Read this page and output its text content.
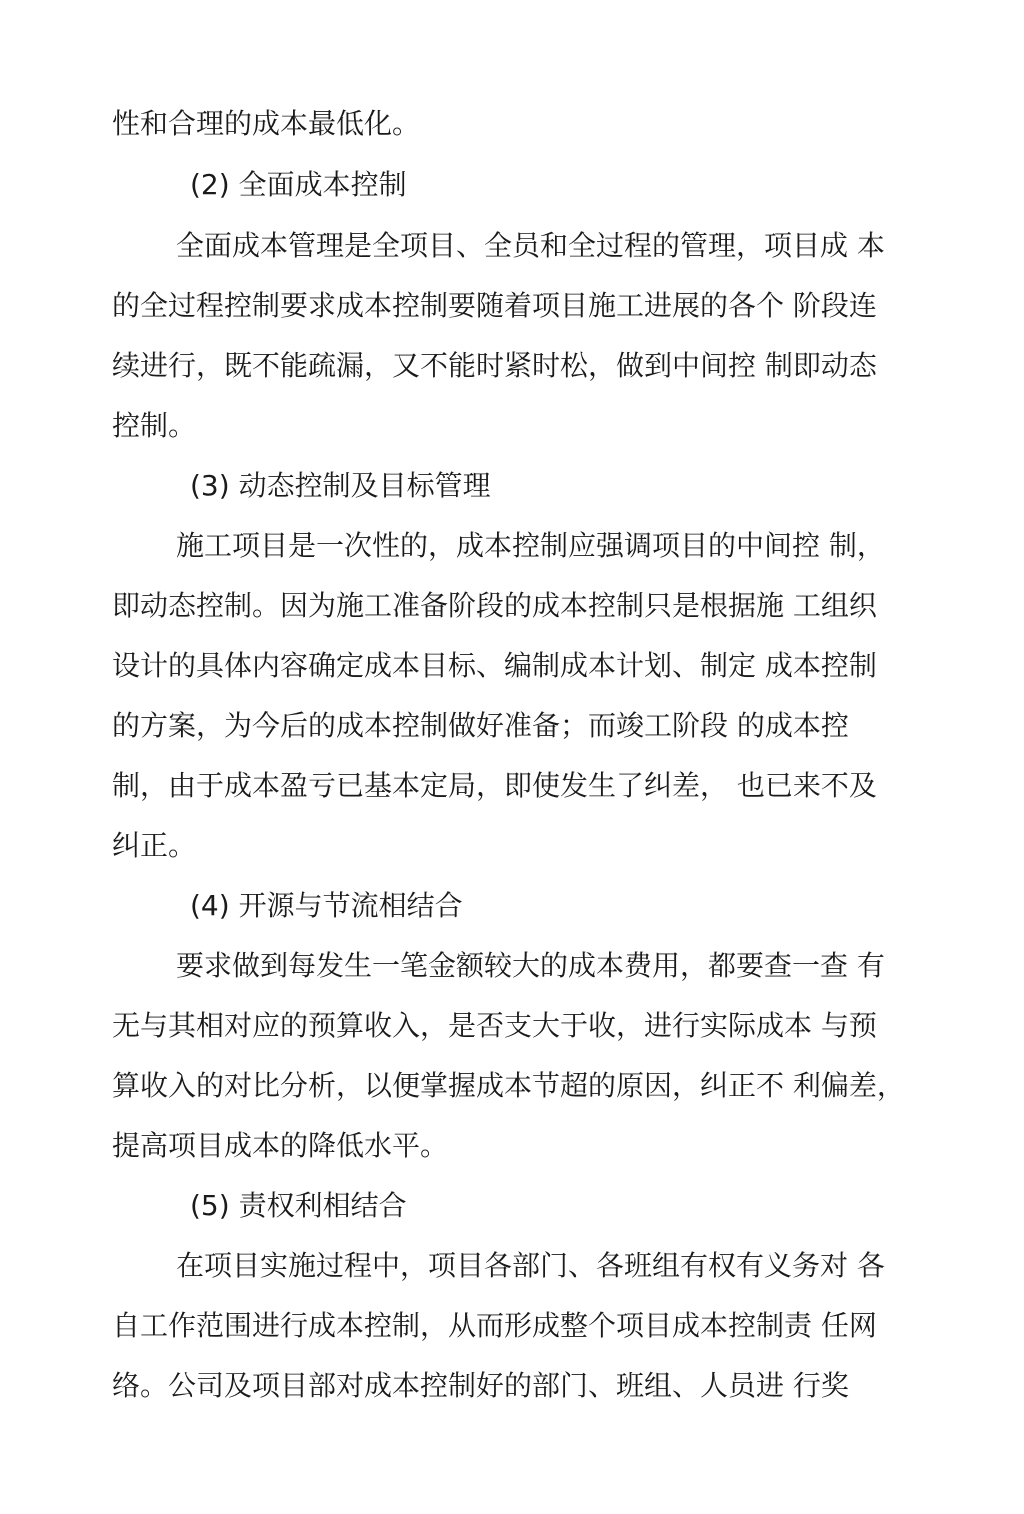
性和合理的成本最低化。
(2) 全面成本控制
全面成本管理是全项目、全员和全过程的管理，项目成 本
的全过程控制要求成本控制要随着项目施工进展的各个 阶段连
续进行，既不能疏漏，又不能时紧时松，做到中间控 制即动态
控制。
(3) 动态控制及目标管理
施工项目是一次性的，成本控制应强调项目的中间控 制，
即动态控制。因为施工准备阶段的成本控制只是根据施 工组织
设计的具体内容确定成本目标、编制成本计划、制定 成本控制
的方案，为今后的成本控制做好准备；而竣工阶段 的成本控
制，由于成本盈亏已基本定局，即使发生了纠差， 也已来不及
纠正。
(4) 开源与节流相结合
要求做到每发生一笔金额较大的成本费用，都要查一查 有
无与其相对应的预算收入，是否支大于收，进行实际成本 与预
算收入的对比分析，以便掌握成本节超的原因，纠正不 利偏差，
提高项目成本的降低水平。
(5) 责权利相结合
在项目实施过程中，项目各部门、各班组有权有义务对 各
自工作范围进行成本控制，从而形成整个项目成本控制责 任网
络。公司及项目部对成本控制好的部门、班组、人员进 行奖
